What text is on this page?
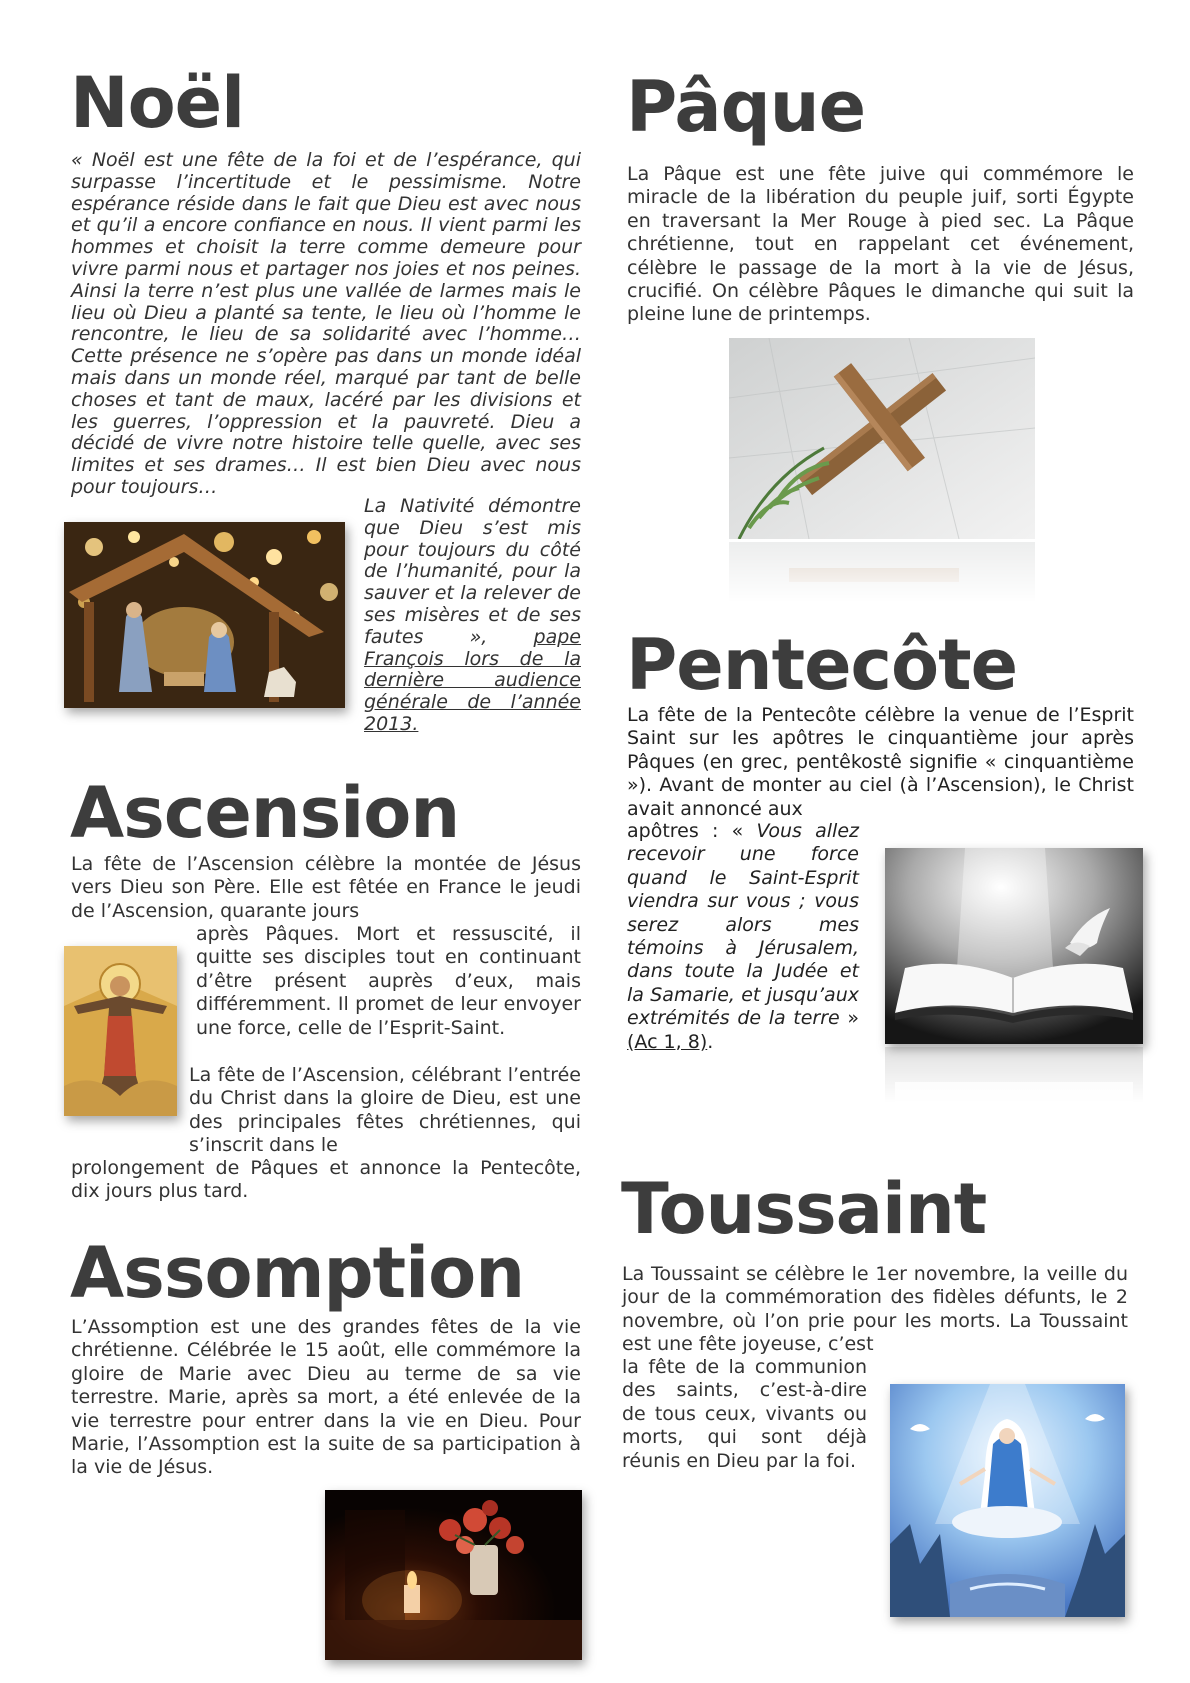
Noël

« Noël est une fête de la foi et de l’espérance, qui surpasse l’incertitude et le pessimisme. Notre espérance réside dans le fait que Dieu est avec nous et qu’il a encore confiance en nous. Il vient parmi les hommes et choisit la terre comme demeure pour vivre parmi nous et partager nos joies et nos peines. Ainsi la terre n’est plus une vallée de larmes mais le lieu où Dieu a planté sa tente, le lieu où l’homme le rencontre, le lieu de sa solidarité avec l’homme… Cette présence ne s’opère pas dans un monde idéal mais dans un monde réel, marqué par tant de belle choses et tant de maux, lacéré par les divisions et les guerres, l’oppression et la pauvreté. Dieu a décidé de vivre notre histoire telle quelle, avec ses limites et ses drames… Il est bien Dieu avec nous pour toujours…

La Nativité démontre que Dieu s’est mis pour toujours du côté de l’humanité, pour la sauver et la relever de ses misères et de ses fautes », pape François lors de la dernière audience générale de l’année 2013.

Pâque

La Pâque est une fête juive qui commémore le miracle de la libération du peuple juif, sorti Égypte en traversant la Mer Rouge à pied sec. La Pâque chrétienne, tout en rappelant cet événement, célèbre le passage de la mort à la vie de Jésus, crucifié. On célèbre Pâques le dimanche qui suit la pleine lune de printemps.

Pentecôte

La fête de la Pentecôte célèbre la venue de l’Esprit Saint sur les apôtres le cinquantième jour après Pâques (en grec, pentêkostê signifie « cinquantième »). Avant de monter au ciel (à l’Ascension), le Christ avait annoncé aux

apôtres : « Vous allez recevoir une force quand le Saint-Esprit viendra sur vous ; vous serez alors mes témoins à Jérusalem, dans toute la Judée et la Samarie, et jusqu’aux extrémités de la terre » (Ac 1, 8).

Ascension

La fête de l’Ascension célèbre la montée de Jésus vers Dieu son Père. Elle est fêtée en France le jeudi de l’Ascension, quarante jours

après Pâques. Mort et ressuscité, il quitte ses disciples tout en continuant d’être présent auprès d’eux, mais différemment. Il promet de leur envoyer une force, celle de l’Esprit-Saint.

La fête de l’Ascension, célébrant l’entrée du Christ dans la gloire de Dieu, est une des principales fêtes chrétiennes, qui s’inscrit dans le

prolongement de Pâques et annonce la Pentecôte, dix jours plus tard.	Toussaint

La Toussaint se célèbre le 1er novembre, la veille du jour de la commémoration des fidèles défunts, le 2 novembre, où l’on prie pour les morts. La Toussaint est une fête joyeuse, c’est

la fête de la communion des saints, c’est-à-dire de tous ceux, vivants ou morts, qui sont déjà réunis en Dieu par la foi.

Assomption

L’Assomption est une des grandes fêtes de la vie chrétienne. Célébrée le 15 août, elle commémore la gloire de Marie avec Dieu au terme de sa vie terrestre. Marie, après sa mort, a été enlevée de la vie terrestre pour entrer dans la vie en Dieu. Pour Marie, l’Assomption est la suite de sa participation à la vie de Jésus.
